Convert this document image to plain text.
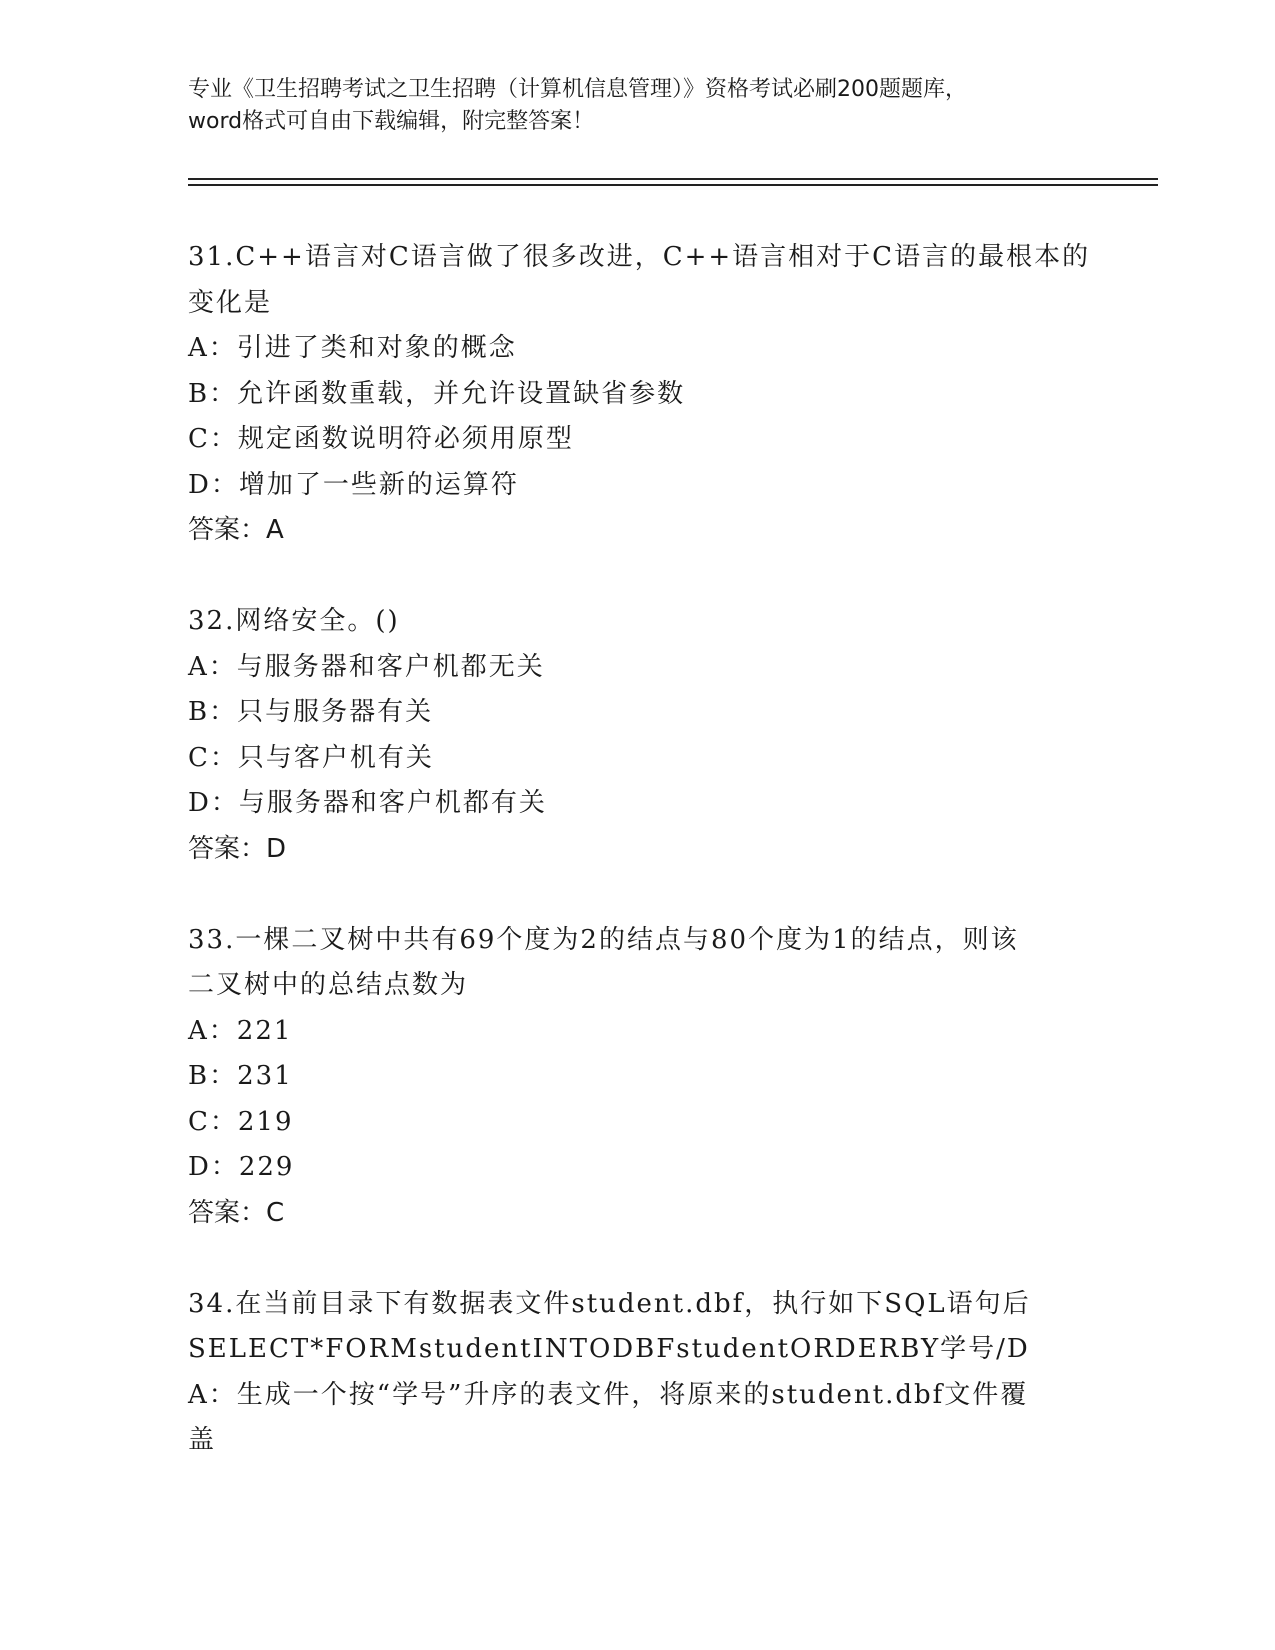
专业《卫生招聘考试之卫生招聘（计算机信息管理）》资格考试必刷200题题库，
word格式可自由下载编辑，附完整答案！
31.C++语言对C语言做了很多改进，C++语言相对于C语言的最根本的
变化是
A：引进了类和对象的概念
B：允许函数重载，并允许设置缺省参数
C：规定函数说明符必须用原型
D：增加了一些新的运算符
答案：A
32.网络安全。()
A：与服务器和客户机都无关
B：只与服务器有关
C：只与客户机有关
D：与服务器和客户机都有关
答案：D
33.一棵二叉树中共有69个度为2的结点与80个度为1的结点，则该
二叉树中的总结点数为
A：221
B：231
C：219
D：229
答案：C
34.在当前目录下有数据表文件student.dbf，执行如下SQL语句后
SELECT*FORMstudentINTODBFstudentORDERBY学号/D
A：生成一个按“学号”升序的表文件，将原来的student.dbf文件覆
盖
